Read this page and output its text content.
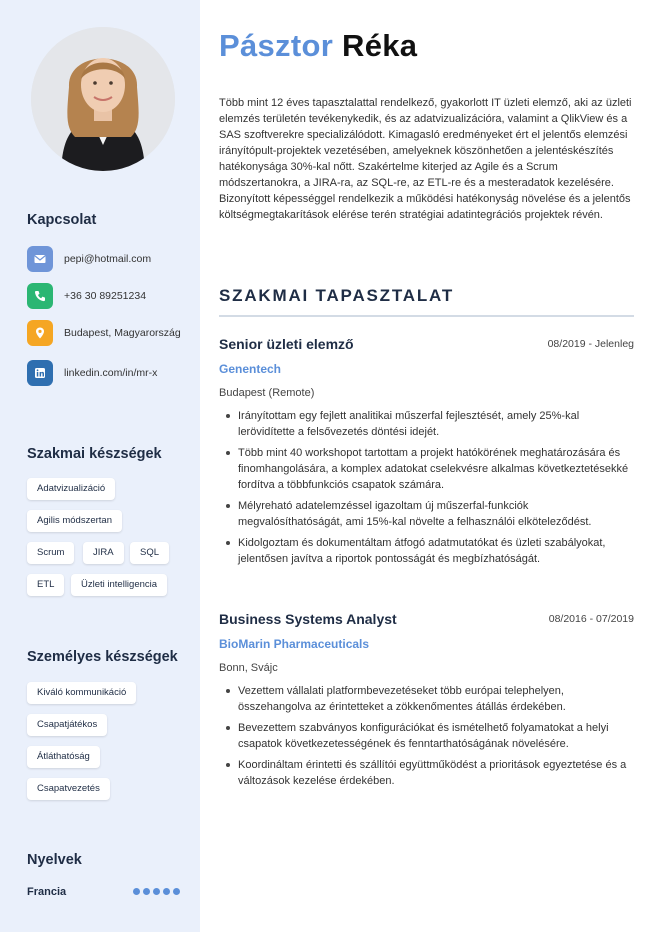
Kapcsolat
pepi@hotmail.com
+36 30 89251234
Budapest, Magyarország
linkedin.com/in/mr-x
Szakmai készségek
Adatvizualizáció
Agilis módszertan
Scrum	JIRA	SQL
ETL	Üzleti intelligencia
Személyes készségek
Kiváló kommunikáció
Csapatjátékos
Átláthatóság
Csapatvezetés
Nyelvek
Francia
Pásztor Réka

Több mint 12 éves tapasztalattal rendelkező, gyakorlott IT üzleti elemző, aki az üzleti elemzés területén tevékenykedik, és az adatvizualizációra, valamint a QlikView és a SAS szoftverekre specializálódott. Kimagasló eredményeket ért el jelentős elemzési irányítópult-projektek vezetésében, amelyeknek köszönhetően a jelentéskészítés hatékonysága 30%-kal nőtt. Szakértelme kiterjed az Agile és a Scrum módszertanokra, a JIRA-ra, az SQL-re, az ETL-re és a mesteradatok kezelésére. Bizonyított képességgel rendelkezik a működési hatékonyság növelése és a jelentős költségmegtakarítások elérése terén stratégiai adatintegrációs projektek révén.

SZAKMAI TAPASZTALAT
Senior üzleti elemző	08/2019 - Jelenleg
Genentech
Budapest (Remote)
Irányítottam egy fejlett analitikai műszerfal fejlesztését, amely 25%-kal lerövidítette a felsővezetés döntési idejét.
Több mint 40 workshopot tartottam a projekt hatókörének meghatározására és finomhangolására, a komplex adatokat cselekvésre alkalmas következtetésekké fordítva a többfunkciós csapatok számára.
Mélyreható adatelemzéssel igazoltam új műszerfal-funkciók megvalósíthatóságát, ami 15%-kal növelte a felhasználói elköteleződést.
Kidolgoztam és dokumentáltam átfogó adatmutatókat és üzleti szabályokat, jelentősen javítva a riportok pontosságát és megbízhatóságát.
Business Systems Analyst	08/2016 - 07/2019
BioMarin Pharmaceuticals
Bonn, Svájc
Vezettem vállalati platformbevezetéseket több európai telephelyen, összehangolva az érintetteket a zökkenőmentes átállás érdekében.
Bevezettem szabványos konfigurációkat és ismételhető folyamatokat a helyi csapatok következetességének és fenntarthatóságának növelésére.
Koordináltam érintetti és szállítói együttműködést a prioritások egyeztetése és a változások kezelése érdekében.
